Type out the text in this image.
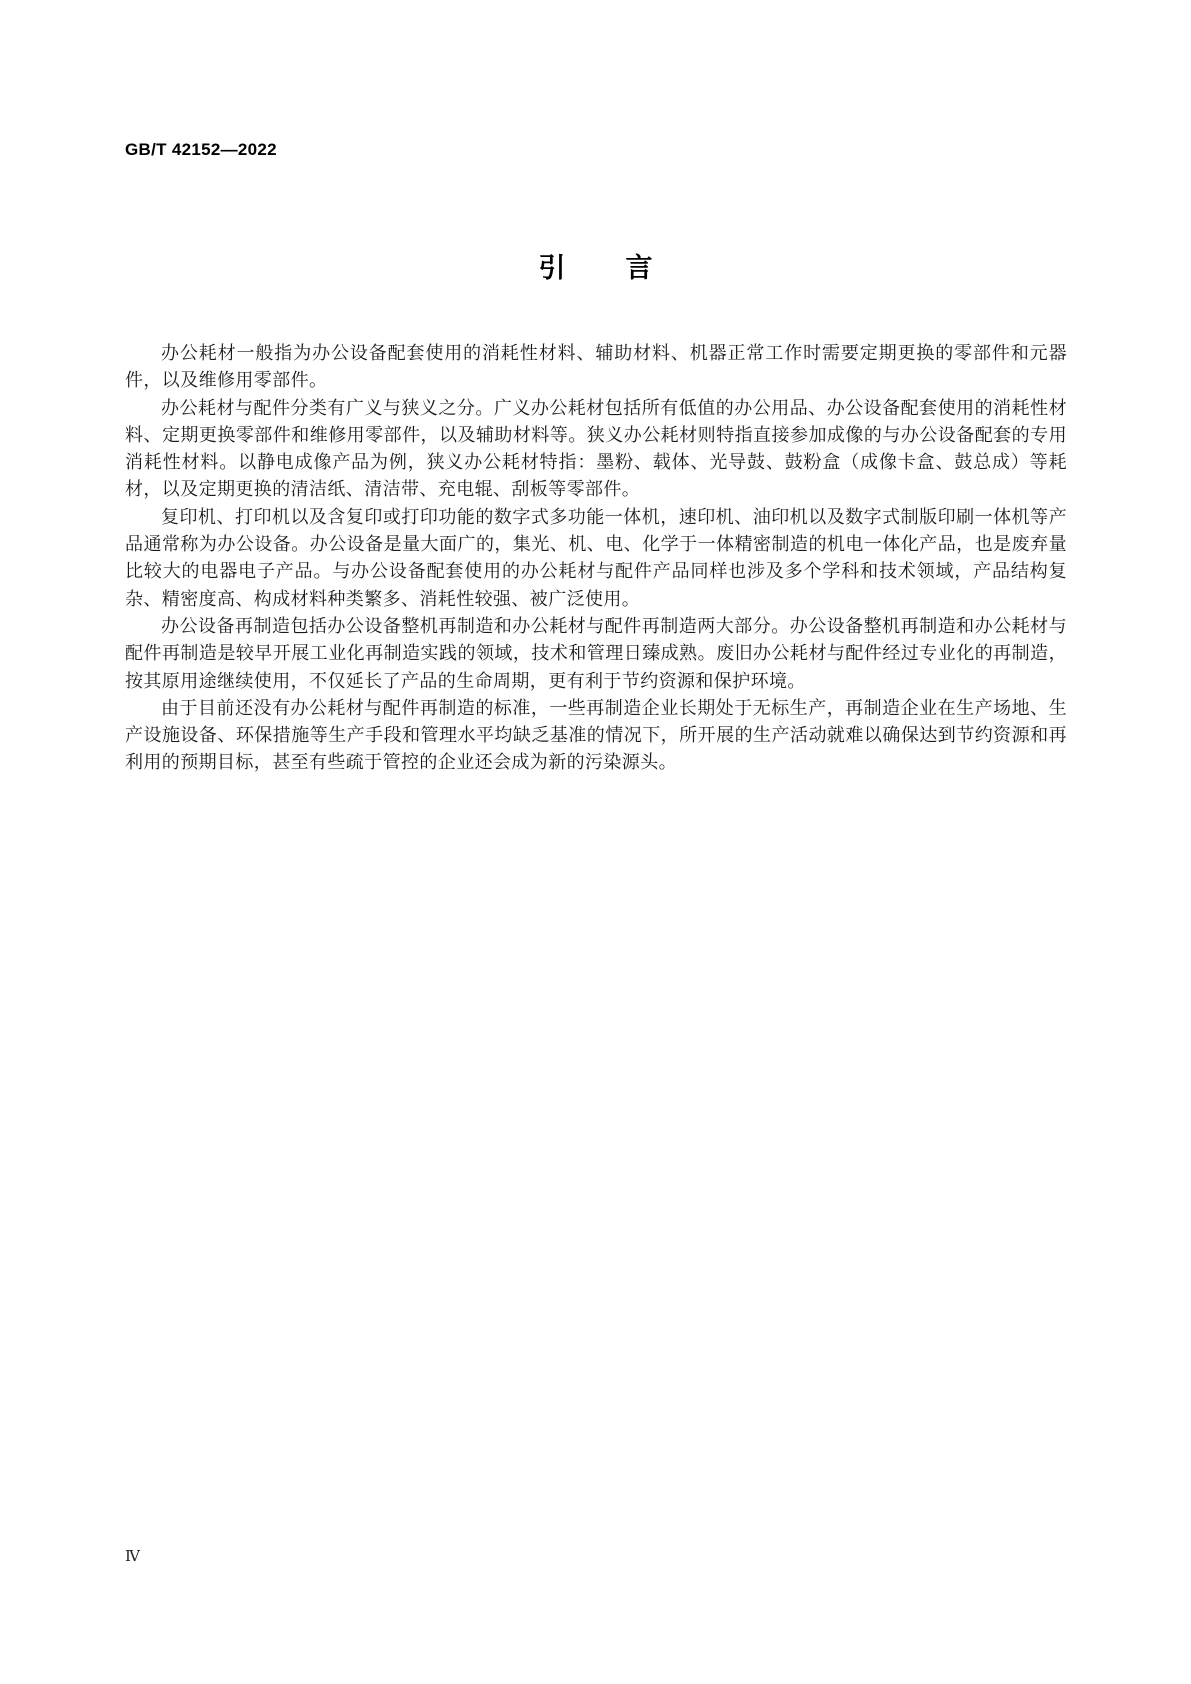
GB/T 42152—2022
引言

办公耗材一般指为办公设备配套使用的消耗性材料、辅助材料、机器正常工作时需要定期更换的零部件和元器件，以及维修用零部件。

办公耗材与配件分类有广义与狭义之分。广义办公耗材包括所有低值的办公用品、办公设备配套使用的消耗性材料、定期更换零部件和维修用零部件，以及辅助材料等。狭义办公耗材则特指直接参加成像的与办公设备配套的专用消耗性材料。以静电成像产品为例，狭义办公耗材特指：墨粉、载体、光导鼓、鼓粉盒（成像卡盒、鼓总成）等耗材，以及定期更换的清洁纸、清洁带、充电辊、刮板等零部件。

复印机、打印机以及含复印或打印功能的数字式多功能一体机，速印机、油印机以及数字式制版印刷一体机等产品通常称为办公设备。办公设备是量大面广的，集光、机、电、化学于一体精密制造的机电一体化产品，也是废弃量比较大的电器电子产品。与办公设备配套使用的办公耗材与配件产品同样也涉及多个学科和技术领域，产品结构复杂、精密度高、构成材料种类繁多、消耗性较强、被广泛使用。

办公设备再制造包括办公设备整机再制造和办公耗材与配件再制造两大部分。办公设备整机再制造和办公耗材与配件再制造是较早开展工业化再制造实践的领域，技术和管理日臻成熟。废旧办公耗材与配件经过专业化的再制造，按其原用途继续使用，不仅延长了产品的生命周期，更有利于节约资源和保护环境。

由于目前还没有办公耗材与配件再制造的标准，一些再制造企业长期处于无标生产，再制造企业在生产场地、生产设施设备、环保措施等生产手段和管理水平均缺乏基准的情况下，所开展的生产活动就难以确保达到节约资源和再利用的预期目标，甚至有些疏于管控的企业还会成为新的污染源头。

Ⅳ
